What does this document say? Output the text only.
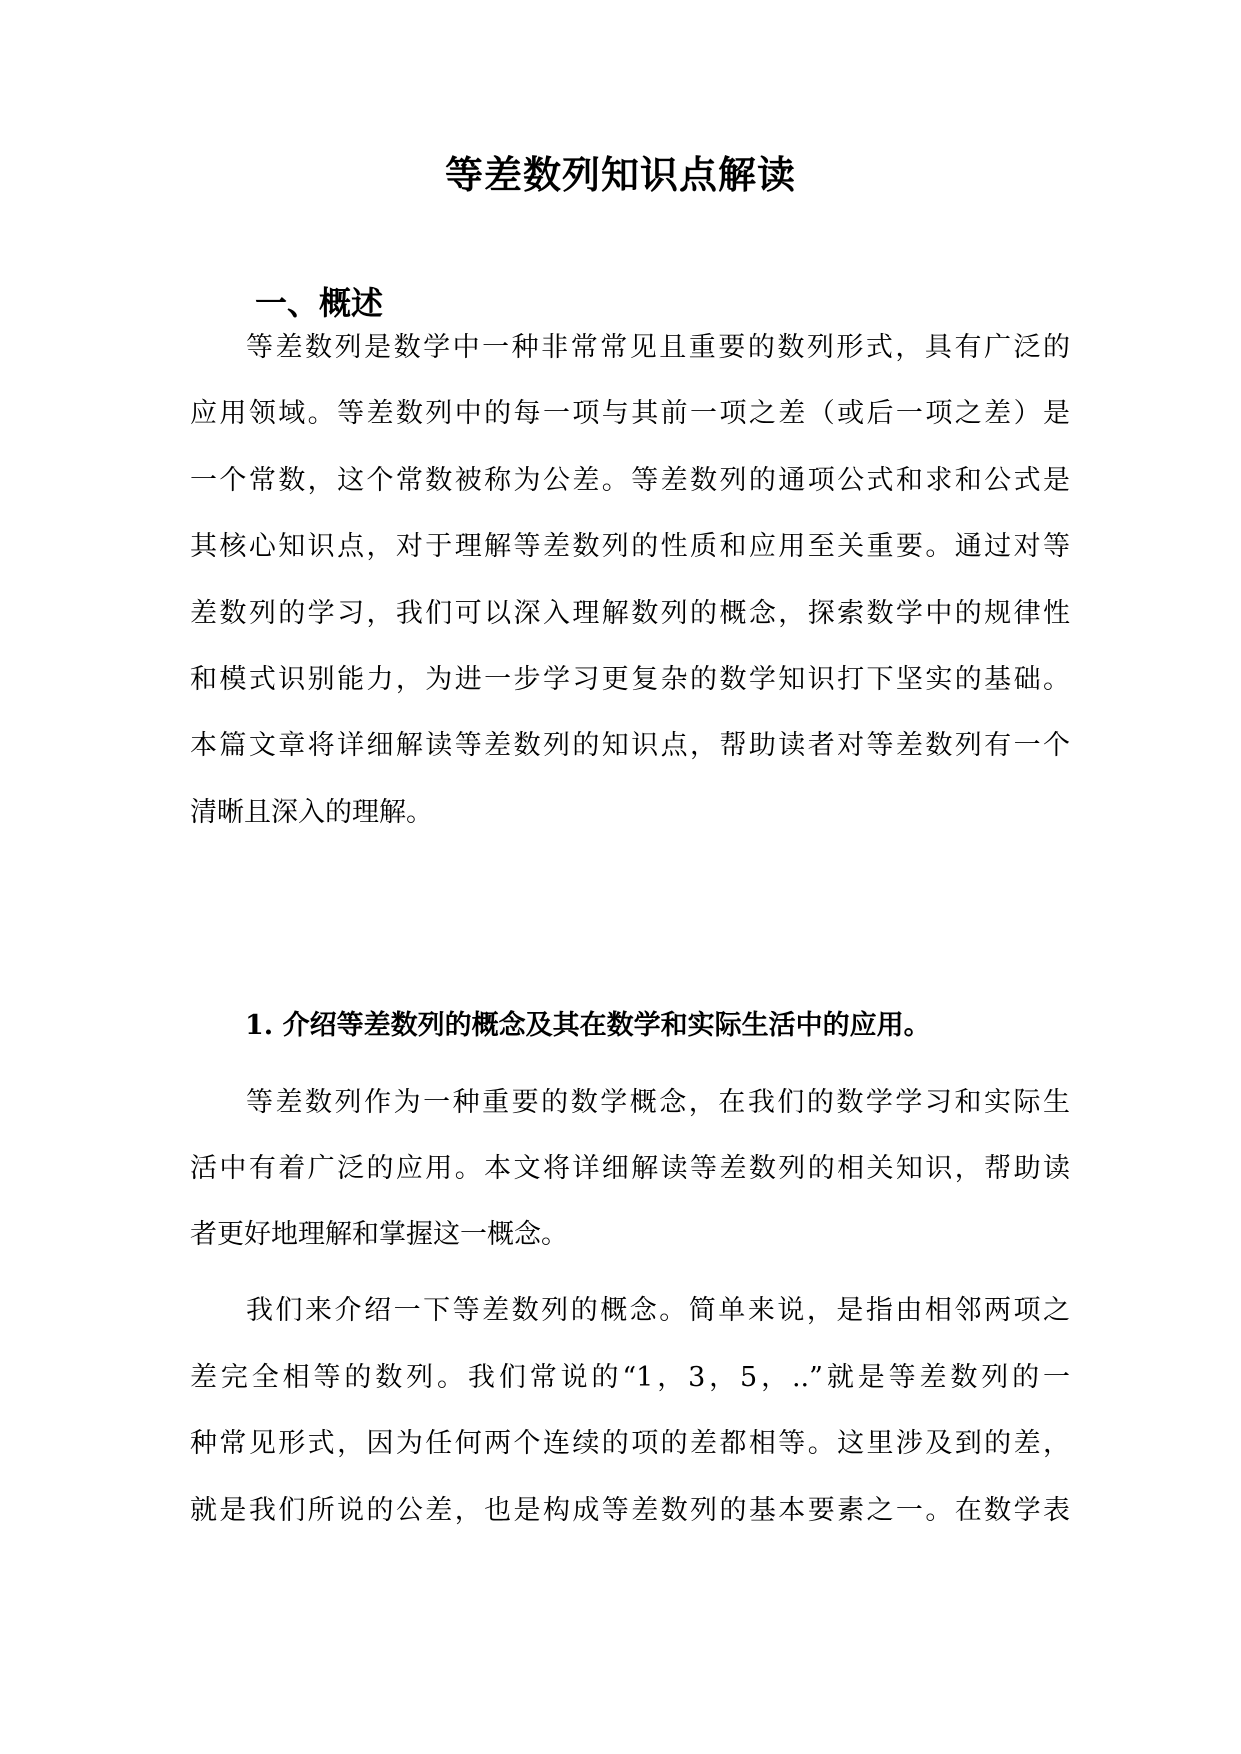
等差数列知识点解读
一、概述
等差数列是数学中一种非常常见且重要的数列形式，具有广泛的
应用领域。等差数列中的每一项与其前一项之差（或后一项之差）是
一个常数，这个常数被称为公差。等差数列的通项公式和求和公式是
其核心知识点，对于理解等差数列的性质和应用至关重要。通过对等
差数列的学习，我们可以深入理解数列的概念，探索数学中的规律性
和模式识别能力，为进一步学习更复杂的数学知识打下坚实的基础。
本篇文章将详细解读等差数列的知识点，帮助读者对等差数列有一个
清晰且深入的理解。
1. 介绍等差数列的概念及其在数学和实际生活中的应用。
等差数列作为一种重要的数学概念，在我们的数学学习和实际生
活中有着广泛的应用。本文将详细解读等差数列的相关知识，帮助读
者更好地理解和掌握这一概念。
我们来介绍一下等差数列的概念。简单来说，是指由相邻两项之
差完全相等的数列。我们常说的“1，3，5，..”就是等差数列的一
种常见形式，因为任何两个连续的项的差都相等。这里涉及到的差，
就是我们所说的公差，也是构成等差数列的基本要素之一。在数学表
